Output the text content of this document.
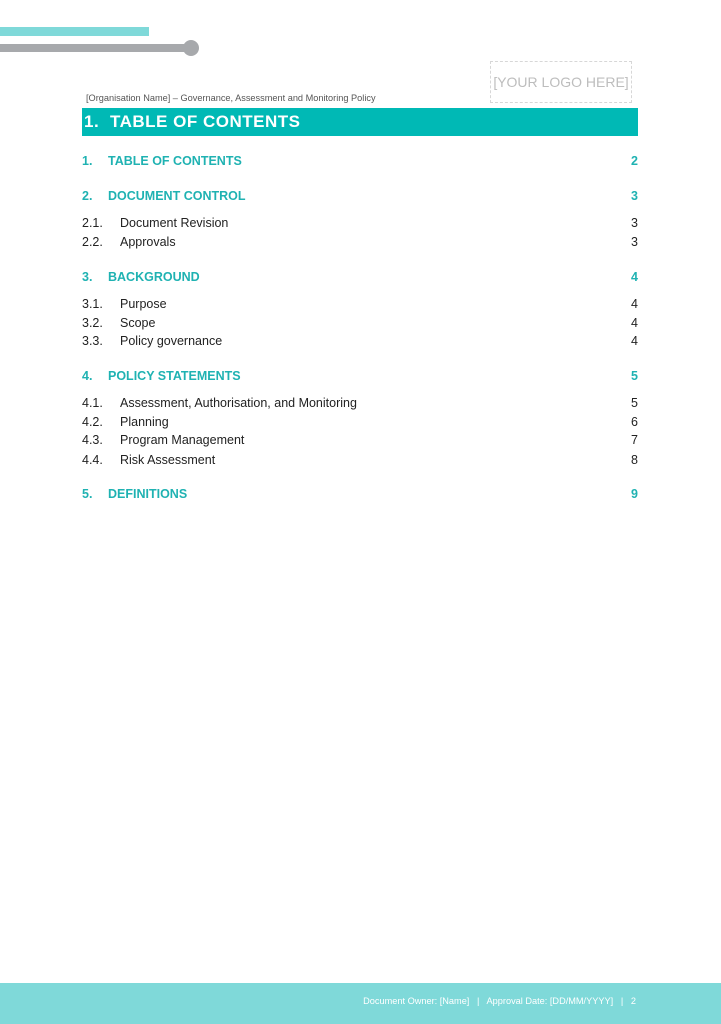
[YOUR LOGO HERE]
[Organisation Name] – Governance, Assessment and Monitoring Policy
1. TABLE OF CONTENTS
1.	TABLE OF CONTENTS	2
2.	DOCUMENT CONTROL	3
2.1.	Document Revision	3
2.2.	Approvals	3
3.	BACKGROUND	4
3.1.	Purpose	4
3.2.	Scope	4
3.3.	Policy governance	4
4.	POLICY STATEMENTS	5
4.1.	Assessment, Authorisation, and Monitoring	5
4.2.	Planning	6
4.3.	Program Management	7
4.4.	Risk Assessment	8
5.	DEFINITIONS	9
Document Owner: [Name]   |   Approval Date: [DD/MM/YYYY]   |   2
